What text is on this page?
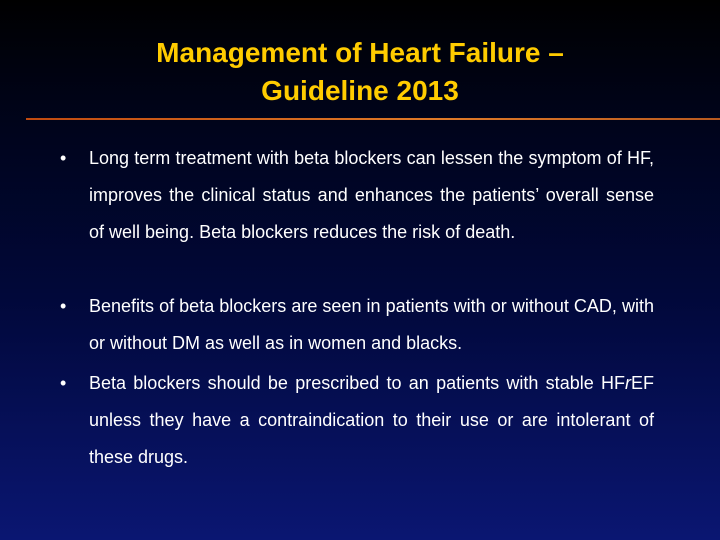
Management of Heart Failure –
Guideline 2013
• Long term treatment with beta blockers can lessen the symptom of HF, improves the clinical status and enhances the patients’ overall sense of well being. Beta blockers reduces the risk of death.
• Benefits of beta blockers are seen in patients with or without CAD, with or without DM as well as in women and blacks.
• Beta blockers should be prescribed to an patients with stable HFrEF unless they have a contraindication to their use or are intolerant of these drugs.
